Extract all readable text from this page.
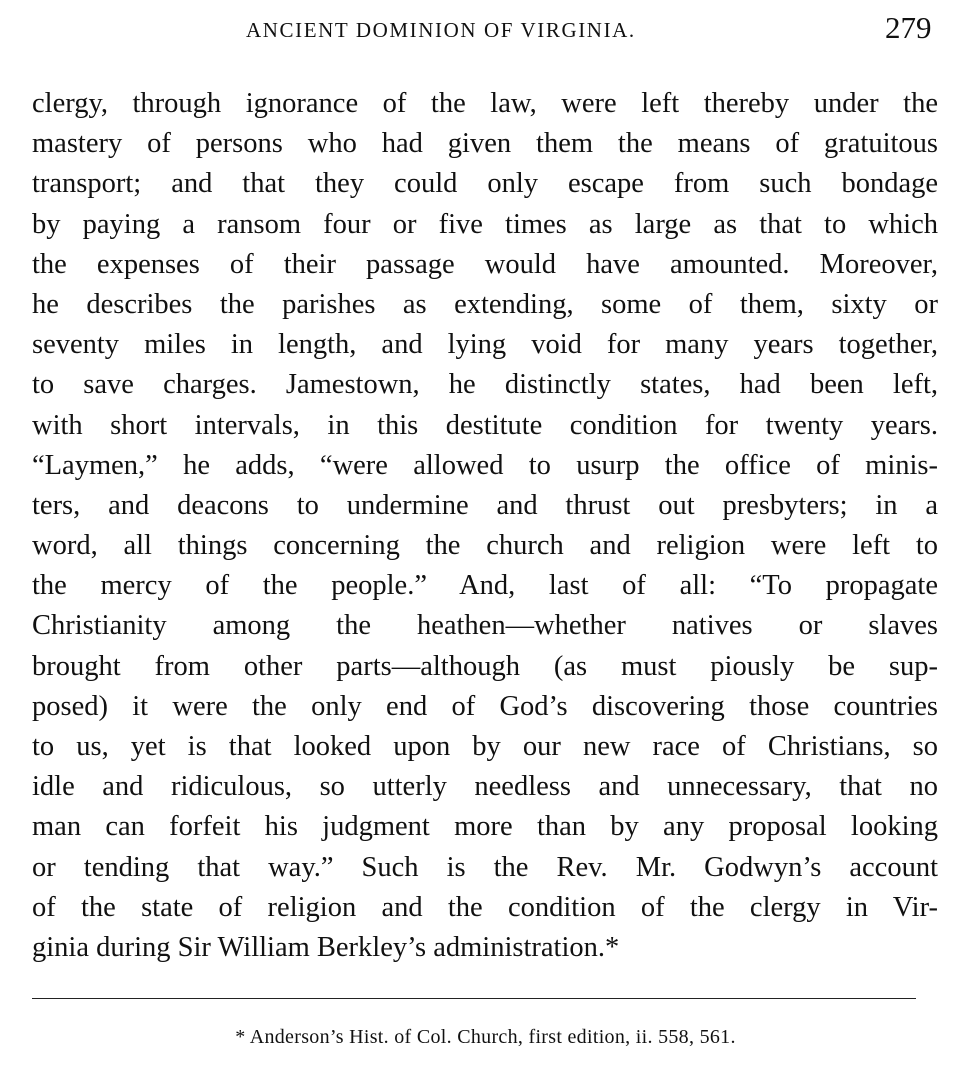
ANCIENT DOMINION OF VIRGINIA.	279
clergy, through ignorance of the law, were left thereby under the
mastery of persons who had given them the means of gratuitous
transport; and that they could only escape from such bondage
by paying a ransom four or five times as large as that to which
the expenses of their passage would have amounted. Moreover,
he describes the parishes as extending, some of them, sixty or
seventy miles in length, and lying void for many years together,
to save charges. Jamestown, he distinctly states, had been left,
with short intervals, in this destitute condition for twenty years.
“Laymen,” he adds, “were allowed to usurp the office of minis-
ters, and deacons to undermine and thrust out presbyters; in a
word, all things concerning the church and religion were left to
the mercy of the people.” And, last of all: “To propagate
Christianity among the heathen—whether natives or slaves
brought from other parts—although (as must piously be sup-
posed) it were the only end of God’s discovering those countries
to us, yet is that looked upon by our new race of Christians, so
idle and ridiculous, so utterly needless and unnecessary, that no
man can forfeit his judgment more than by any proposal looking
or tending that way.” Such is the Rev. Mr. Godwyn’s account
of the state of religion and the condition of the clergy in Vir-
ginia during Sir William Berkley’s administration.*
* Anderson’s Hist. of Col. Church, first edition, ii. 558, 561.
